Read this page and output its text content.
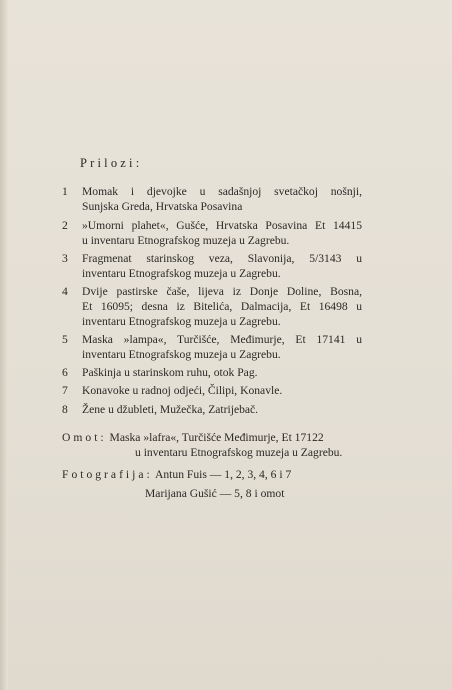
Prilozi:
1	Momak i djevojke u sadašnjoj svetačkoj nošnji,
Sunjska Greda, Hrvatska Posavina
2	»Umorni plahet«, Gušće, Hrvatska Posavina Et 14415
u inventaru Etnografskog muzeja u Zagrebu.
3	Fragmenat starinskog veza, Slavonija, 5/3143 u
inventaru Etnografskog muzeja u Zagrebu.
4	Dvije pastirske čaše, lijeva iz Donje Doline, Bosna,
Et 16095; desna iz Bitelića, Dalmacija, Et 16498 u
inventaru Etnografskog muzeja u Zagrebu.
5	Maska »lampa«, Turčišće, Međimurje, Et 17141 u
inventaru Etnografskog muzeja u Zagrebu.
6	Paškinja u starinskom ruhu, otok Pag.
7	Konavoke u radnoj odjeći, Čilipi, Konavle.
8	Žene u džubleti, Mužečka, Zatrijebač.
Omot: Maska »lafra«, Turčišće Međimurje, Et 17122
u inventaru Etnografskog muzeja u Zagrebu.
Fotografija: Antun Fuis — 1, 2, 3, 4, 6 i 7
Marijana Gušić — 5, 8 i omot
